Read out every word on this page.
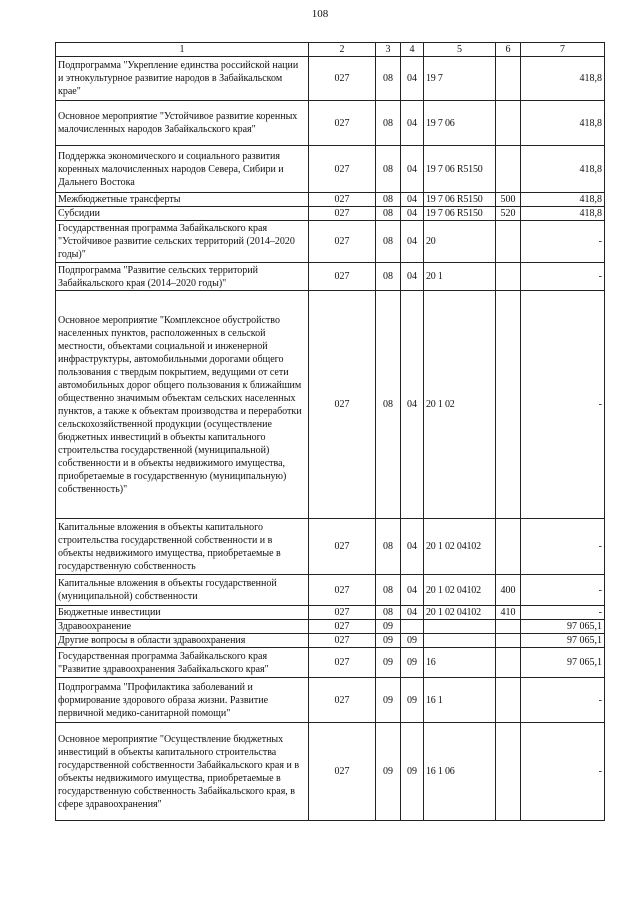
108
1	2	3	4	5	6	7
Подпрограмма "Укрепление единства российской нации и этнокультурное развитие народов в Забайкальском крае"	027	08	04	19 7		418,8
Основное мероприятие "Устойчивое развитие коренных малочисленных народов Забайкальского края"	027	08	04	19 7 06		418,8
Поддержка экономического и социального развития коренных малочисленных народов Севера, Сибири и Дальнего Востока	027	08	04	19 7 06 R5150		418,8
Межбюджетные трансферты	027	08	04	19 7 06 R5150	500	418,8
Субсидии	027	08	04	19 7 06 R5150	520	418,8
Государственная программа Забайкальского края "Устойчивое развитие сельских территорий (2014–2020 годы)"	027	08	04	20		-
Подпрограмма "Развитие сельских территорий Забайкальского края (2014–2020 годы)"	027	08	04	20 1		-
Основное мероприятие "Комплексное обустройство населенных пунктов, расположенных в сельской местности, объектами социальной и инженерной инфраструктуры, автомобильными дорогами общего пользования с твердым покрытием, ведущими от сети автомобильных дорог общего пользования к ближайшим общественно значимым объектам сельских населенных пунктов, а также к объектам производства и переработки сельскохозяйственной продукции (осуществление бюджетных инвестиций в объекты капитального строительства государственной (муниципальной) собственности и в объекты недвижимого имущества, приобретаемые в государственную (муниципальную) собственность)"	027	08	04	20 1 02		-
Капитальные вложения в объекты капитального строительства государственной собственности и в объекты недвижимого имущества, приобретаемые в государственную собственность	027	08	04	20 1 02 04102		-
Капитальные вложения в объекты государственной (муниципальной) собственности	027	08	04	20 1 02 04102	400	-
Бюджетные инвестиции	027	08	04	20 1 02 04102	410	-
Здравоохранение	027	09				97 065,1
Другие вопросы в области здравоохранения	027	09	09			97 065,1
Государственная программа Забайкальского края "Развитие здравоохранения Забайкальского края"	027	09	09	16		97 065,1
Подпрограмма "Профилактика заболеваний и формирование здорового образа жизни. Развитие первичной медико-санитарной помощи"	027	09	09	16 1		-
Основное мероприятие "Осуществление бюджетных инвестиций в объекты капитального строительства государственной собственности Забайкальского края и в объекты недвижимого имущества, приобретаемые в государственную собственность Забайкальского края, в сфере здравоохранения"	027	09	09	16 1 06		-
